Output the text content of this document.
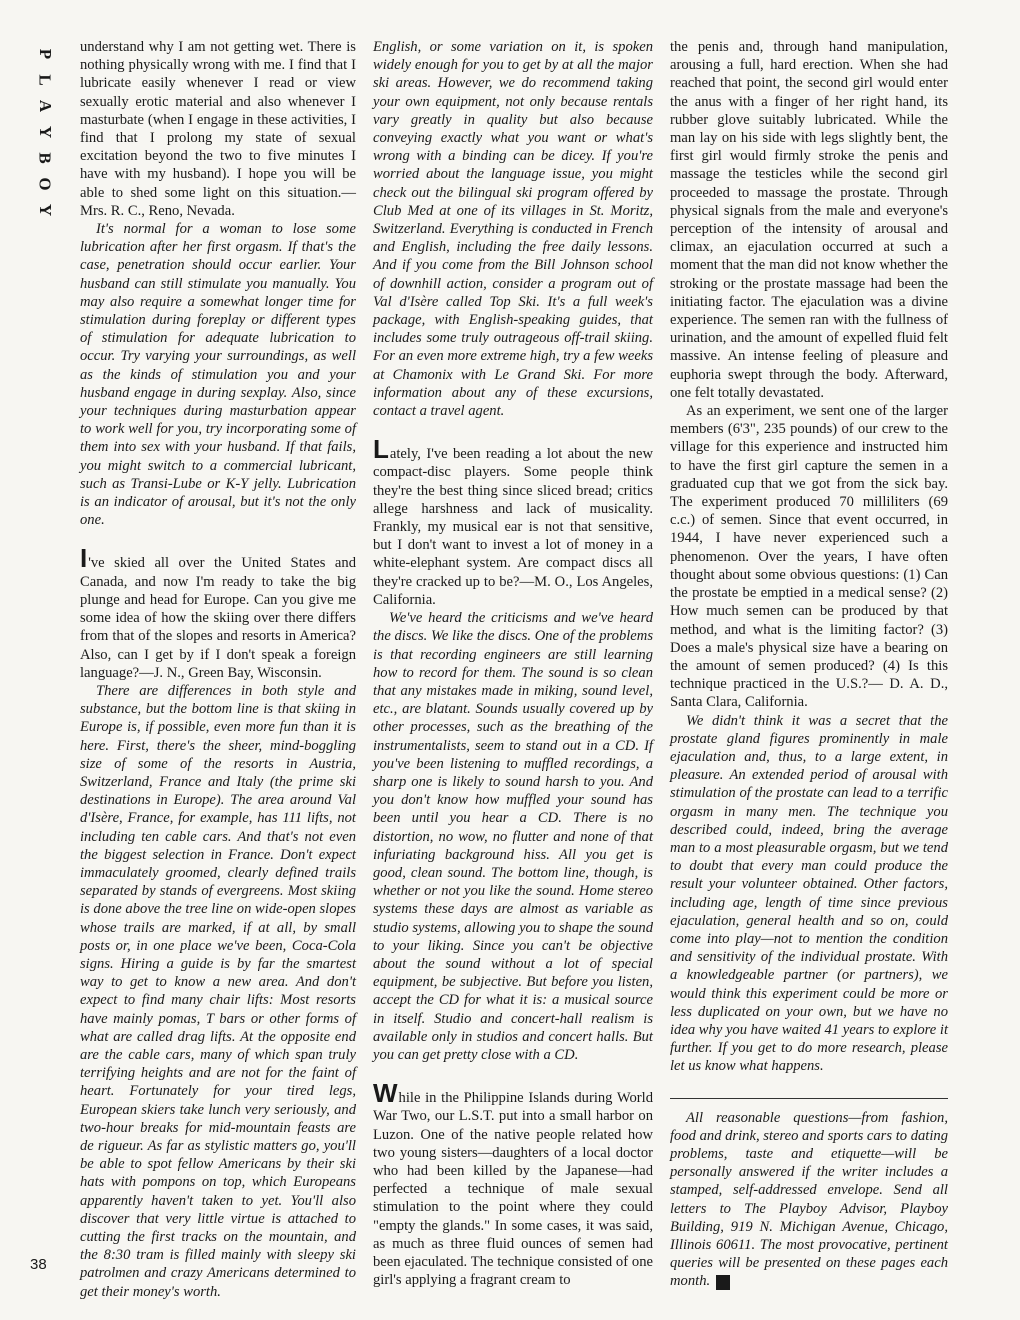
P
L
A
Y
B
O
Y
38

understand why I am not getting wet. There is nothing physically wrong with me. I find that I lubricate easily whenever I read or view sexually erotic material and also whenever I masturbate (when I engage in these activities, I find that I prolong my state of sexual excitation beyond the two to five minutes I have with my husband). I hope you will be able to shed some light on this situation.—Mrs. R. C., Reno, Nevada.

It's normal for a woman to lose some lubrication after her first orgasm. If that's the case, penetration should occur earlier. Your husband can still stimulate you manually. You may also require a somewhat longer time for stimulation during foreplay or different types of stimulation for adequate lubrication to occur. Try varying your surroundings, as well as the kinds of stimulation you and your husband engage in during sexplay. Also, since your techniques during masturbation appear to work well for you, try incorporating some of them into sex with your husband. If that fails, you might switch to a commercial lubricant, such as Transi-Lube or K-Y jelly. Lubrication is an indicator of arousal, but it's not the only one.

I've skied all over the United States and Canada, and now I'm ready to take the big plunge and head for Europe. Can you give me some idea of how the skiing over there differs from that of the slopes and resorts in America? Also, can I get by if I don't speak a foreign language?—J. N., Green Bay, Wisconsin.

There are differences in both style and substance, but the bottom line is that skiing in Europe is, if possible, even more fun than it is here. First, there's the sheer, mind-boggling size of some of the resorts in Austria, Switzerland, France and Italy (the prime ski destinations in Europe). The area around Val d'Isère, France, for example, has 111 lifts, not including ten cable cars. And that's not even the biggest selection in France. Don't expect immaculately groomed, clearly defined trails separated by stands of evergreens. Most skiing is done above the tree line on wide-open slopes whose trails are marked, if at all, by small posts or, in one place we've been, Coca-Cola signs. Hiring a guide is by far the smartest way to get to know a new area. And don't expect to find many chair lifts: Most resorts have mainly pomas, T bars or other forms of what are called drag lifts. At the opposite end are the cable cars, many of which span truly terrifying heights and are not for the faint of heart. Fortunately for your tired legs, European skiers take lunch very seriously, and two-hour breaks for mid-mountain feasts are de rigueur. As far as stylistic matters go, you'll be able to spot fellow Americans by their ski hats with pompons on top, which Europeans apparently haven't taken to yet. You'll also discover that very little virtue is attached to cutting the first tracks on the mountain, and the 8:30 tram is filled mainly with sleepy ski patrolmen and crazy Americans determined to get their money's worth.

English, or some variation on it, is spoken widely enough for you to get by at all the major ski areas. However, we do recommend taking your own equipment, not only because rentals vary greatly in quality but also because conveying exactly what you want or what's wrong with a binding can be dicey. If you're worried about the language issue, you might check out the bilingual ski program offered by Club Med at one of its villages in St. Moritz, Switzerland. Everything is conducted in French and English, including the free daily lessons. And if you come from the Bill Johnson school of downhill action, consider a program out of Val d'Isère called Top Ski. It's a full week's package, with English-speaking guides, that includes some truly outrageous off-trail skiing. For an even more extreme high, try a few weeks at Chamonix with Le Grand Ski. For more information about any of these excursions, contact a travel agent.

Lately, I've been reading a lot about the new compact-disc players. Some people think they're the best thing since sliced bread; critics allege harshness and lack of musicality. Frankly, my musical ear is not that sensitive, but I don't want to invest a lot of money in a white-elephant system. Are compact discs all they're cracked up to be?—M. O., Los Angeles, California.

We've heard the criticisms and we've heard the discs. We like the discs. One of the problems is that recording engineers are still learning how to record for them. The sound is so clean that any mistakes made in miking, sound level, etc., are blatant. Sounds usually covered up by other processes, such as the breathing of the instrumentalists, seem to stand out in a CD. If you've been listening to muffled recordings, a sharp one is likely to sound harsh to you. And you don't know how muffled your sound has been until you hear a CD. There is no distortion, no wow, no flutter and none of that infuriating background hiss. All you get is good, clean sound. The bottom line, though, is whether or not you like the sound. Home stereo systems these days are almost as variable as studio systems, allowing you to shape the sound to your liking. Since you can't be objective about the sound without a lot of special equipment, be subjective. But before you listen, accept the CD for what it is: a musical source in itself. Studio and concert-hall realism is available only in studios and concert halls. But you can get pretty close with a CD.

While in the Philippine Islands during World War Two, our L.S.T. put into a small harbor on Luzon. One of the native people related how two young sisters—daughters of a local doctor who had been killed by the Japanese—had perfected a technique of male sexual stimulation to the point where they could "empty the glands." In some cases, it was said, as much as three fluid ounces of semen had been ejaculated. The technique consisted of one girl's applying a fragrant cream to

the penis and, through hand manipulation, arousing a full, hard erection. When she had reached that point, the second girl would enter the anus with a finger of her right hand, its rubber glove suitably lubricated. While the man lay on his side with legs slightly bent, the first girl would firmly stroke the penis and massage the testicles while the second girl proceeded to massage the prostate. Through physical signals from the male and everyone's perception of the intensity of arousal and climax, an ejaculation occurred at such a moment that the man did not know whether the stroking or the prostate massage had been the initiating factor. The ejaculation was a divine experience. The semen ran with the fullness of urination, and the amount of expelled fluid felt massive. An intense feeling of pleasure and euphoria swept through the body. Afterward, one felt totally devastated.

As an experiment, we sent one of the larger members (6'3", 235 pounds) of our crew to the village for this experience and instructed him to have the first girl capture the semen in a graduated cup that we got from the sick bay. The experiment produced 70 milliliters (69 c.c.) of semen. Since that event occurred, in 1944, I have never experienced such a phenomenon. Over the years, I have often thought about some obvious questions: (1) Can the prostate be emptied in a medical sense? (2) How much semen can be produced by that method, and what is the limiting factor? (3) Does a male's physical size have a bearing on the amount of semen produced? (4) Is this technique practiced in the U.S.?— D. A. D., Santa Clara, California.

We didn't think it was a secret that the prostate gland figures prominently in male ejaculation and, thus, to a large extent, in pleasure. An extended period of arousal with stimulation of the prostate can lead to a terrific orgasm in many men. The technique you described could, indeed, bring the average man to a most pleasurable orgasm, but we tend to doubt that every man could produce the result your volunteer obtained. Other factors, including age, length of time since previous ejaculation, general health and so on, could come into play—not to mention the condition and sensitivity of the individual prostate. With a knowledgeable partner (or partners), we would think this experiment could be more or less duplicated on your own, but we have no idea why you have waited 41 years to explore it further. If you get to do more research, please let us know what happens.

All reasonable questions—from fashion, food and drink, stereo and sports cars to dating problems, taste and etiquette—will be personally answered if the writer includes a stamped, self-addressed envelope. Send all letters to The Playboy Advisor, Playboy Building, 919 N. Michigan Avenue, Chicago, Illinois 60611. The most provocative, pertinent queries will be presented on these pages each month. ❖
